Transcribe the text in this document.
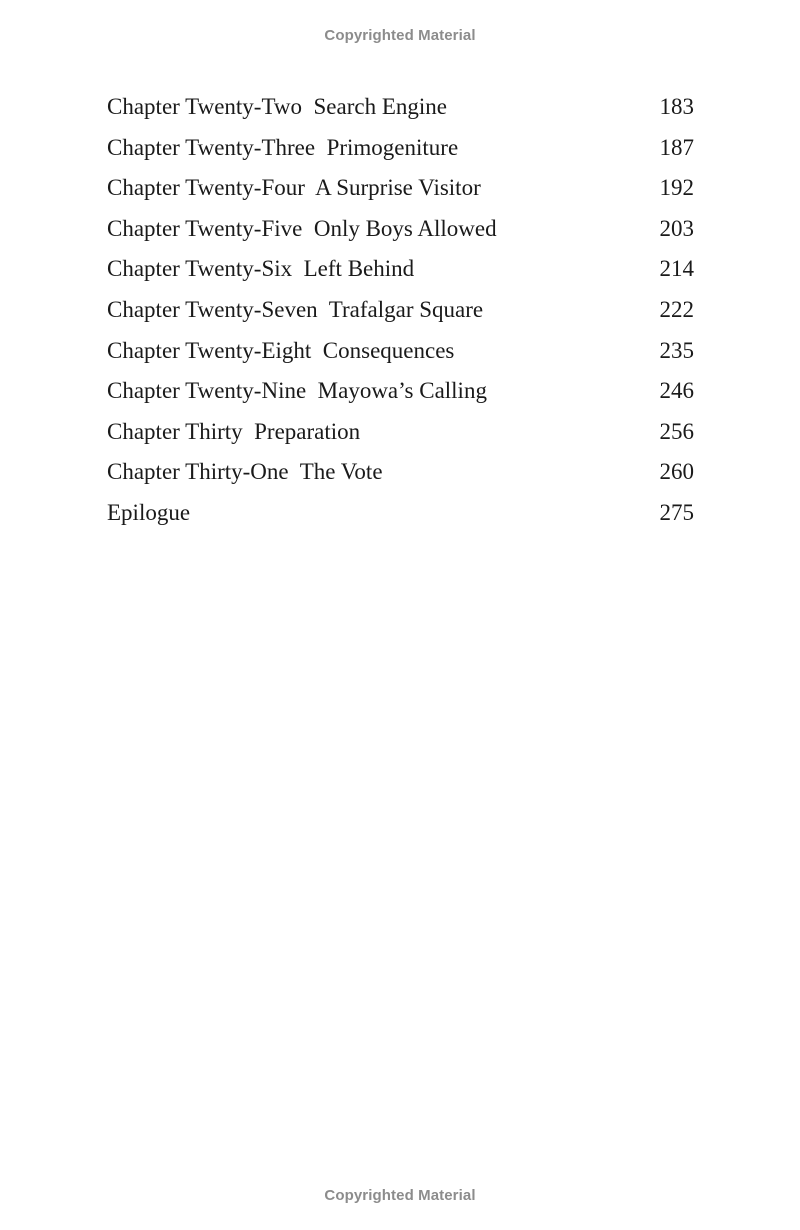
Copyrighted Material
Chapter Twenty-Two  Search Engine	183
Chapter Twenty-Three  Primogeniture	187
Chapter Twenty-Four  A Surprise Visitor	192
Chapter Twenty-Five  Only Boys Allowed	203
Chapter Twenty-Six  Left Behind	214
Chapter Twenty-Seven  Trafalgar Square	222
Chapter Twenty-Eight  Consequences	235
Chapter Twenty-Nine  Mayowa’s Calling	246
Chapter Thirty  Preparation	256
Chapter Thirty-One  The Vote	260
Epilogue	275
Copyrighted Material
